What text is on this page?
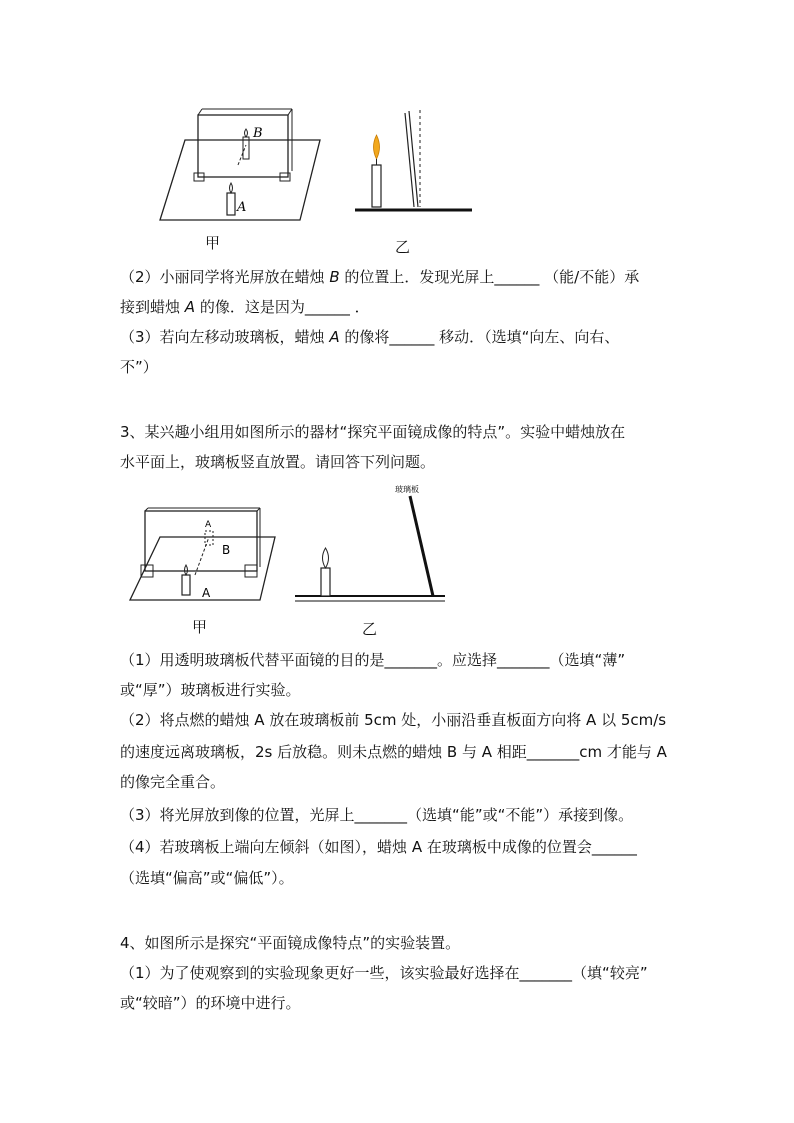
B
A
甲	乙
（2）小丽同学将光屏放在蜡烛 B 的位置上．发现光屏上______ （能/不能）承
接到蜡烛 A 的像．这是因为______ ．
（3）若向左移动玻璃板，蜡烛 A 的像将______ 移动．（选填“向左、向右、
不”）
3、某兴趣小组用如图所示的器材“探究平面镜成像的特点”。实验中蜡烛放在
水平面上，玻璃板竖直放置。请回答下列问题。
A
B
A
甲
玻璃板
乙
（1）用透明玻璃板代替平面镜的目的是_______。应选择_______（选填“薄”
或“厚”）玻璃板进行实验。
（2）将点燃的蜡烛 A 放在玻璃板前 5cm 处，小丽沿垂直板面方向将 A 以 5cm/s
的速度远离玻璃板，2s 后放稳。则未点燃的蜡烛 B 与 A 相距_______cm 才能与 A
的像完全重合。
（3）将光屏放到像的位置，光屏上_______（选填“能”或“不能”）承接到像。
（4）若玻璃板上端向左倾斜（如图），蜡烛 A 在玻璃板中成像的位置会______
（选填“偏高”或“偏低”）。
4、如图所示是探究“平面镜成像特点”的实验装置。
（1）为了使观察到的实验现象更好一些，该实验最好选择在_______（填“较亮”
或“较暗”）的环境中进行。
